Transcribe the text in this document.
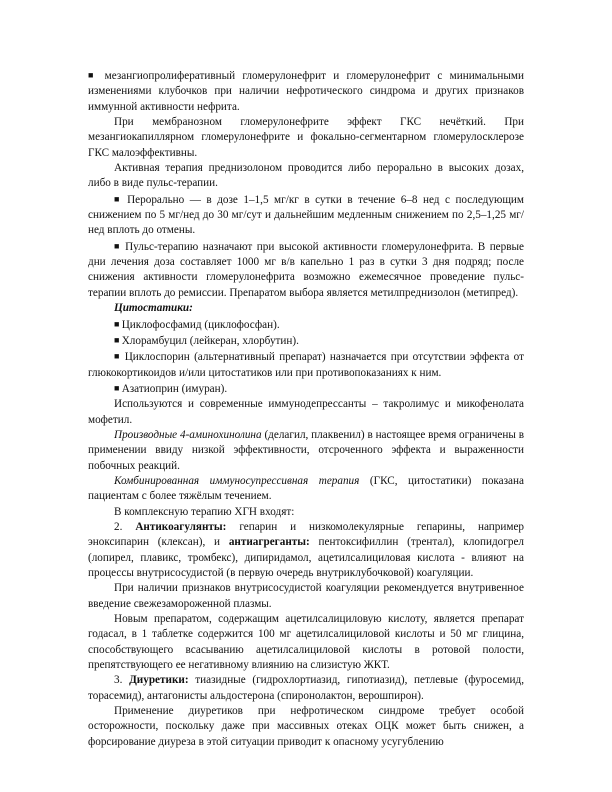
■ мезангиопролиферативный гломерулонефрит и гломерулонефрит с минимальными изменениями клубочков при наличии нефротического синдрома и других признаков иммунной активности нефрита.

При мембранозном гломерулонефрите эффект ГКС нечёткий. При мезангиокапиллярном гломерулонефрите и фокально-сегментарном гломерулосклерозе ГКС малоэффективны.

Активная терапия преднизолоном проводится либо перорально в высоких дозах, либо в виде пульс-терапии.

■ Перорально — в дозе 1–1,5 мг/кг в сутки в течение 6–8 нед с последующим снижением по 5 мг/нед до 30 мг/сут и дальнейшим медленным снижением по 2,5–1,25 мг/нед вплоть до отмены.

■ Пульс-терапию назначают при высокой активности гломерулонефрита. В первые дни лечения доза составляет 1000 мг в/в капельно 1 раз в сутки 3 дня подряд; после снижения активности гломерулонефрита возможно ежемесячное проведение пульс-терапии вплоть до ремиссии. Препаратом выбора является метилпреднизолон (метипред).

Цитостатики:

■ Циклофосфамид (циклофосфан).

■ Хлорамбуцил (лейкеран, хлорбутин).

■ Циклоспорин (альтернативный препарат) назначается при отсутствии эффекта от глюкокортикоидов и/или цитостатиков или при противопоказаниях к ним.

■ Азатиоприн (имуран).

Используются и современные иммунодепрессанты – такролимус и микофенолата мофетил.

Производные 4-аминохинолина (делагил, плаквенил) в настоящее время ограничены в применении ввиду низкой эффективности, отсроченного эффекта и выраженности побочных реакций.

Комбинированная иммуносупрессивная терапия (ГКС, цитостатики) показана пациентам с более тяжёлым течением.

В комплексную терапию ХГН входят:

2. Антикоагулянты: гепарин и низкомолекулярные гепарины, например эноксипарин (клексан), и антиагреганты: пентоксифиллин (трентал), клопидогрел (лопирел, плавикс, тромбекс), дипиридамол, ацетилсалициловая кислота - влияют на процессы внутрисосудистой (в первую очередь внутриклубочковой) коагуляции.

При наличии признаков внутрисосудистой коагуляции рекомендуется внутривенное введение свежезамороженной плазмы.

Новым препаратом, содержащим ацетилсалициловую кислоту, является препарат годасал, в 1 таблетке содержится 100 мг ацетилсалициловой кислоты и 50 мг глицина, способствующего всасыванию ацетилсалициловой кислоты в ротовой полости, препятствующего ее негативному влиянию на слизистую ЖКТ.

3. Диуретики: тиазидные (гидрохлортиазид, гипотиазид), петлевые (фуросемид, торасемид), антагонисты альдостерона (спиронолактон, верошпирон).

Применение диуретиков при нефротическом синдроме требует особой осторожности, поскольку даже при массивных отеках ОЦК может быть снижен, а форсирование диуреза в этой ситуации приводит к опасному усугублению
